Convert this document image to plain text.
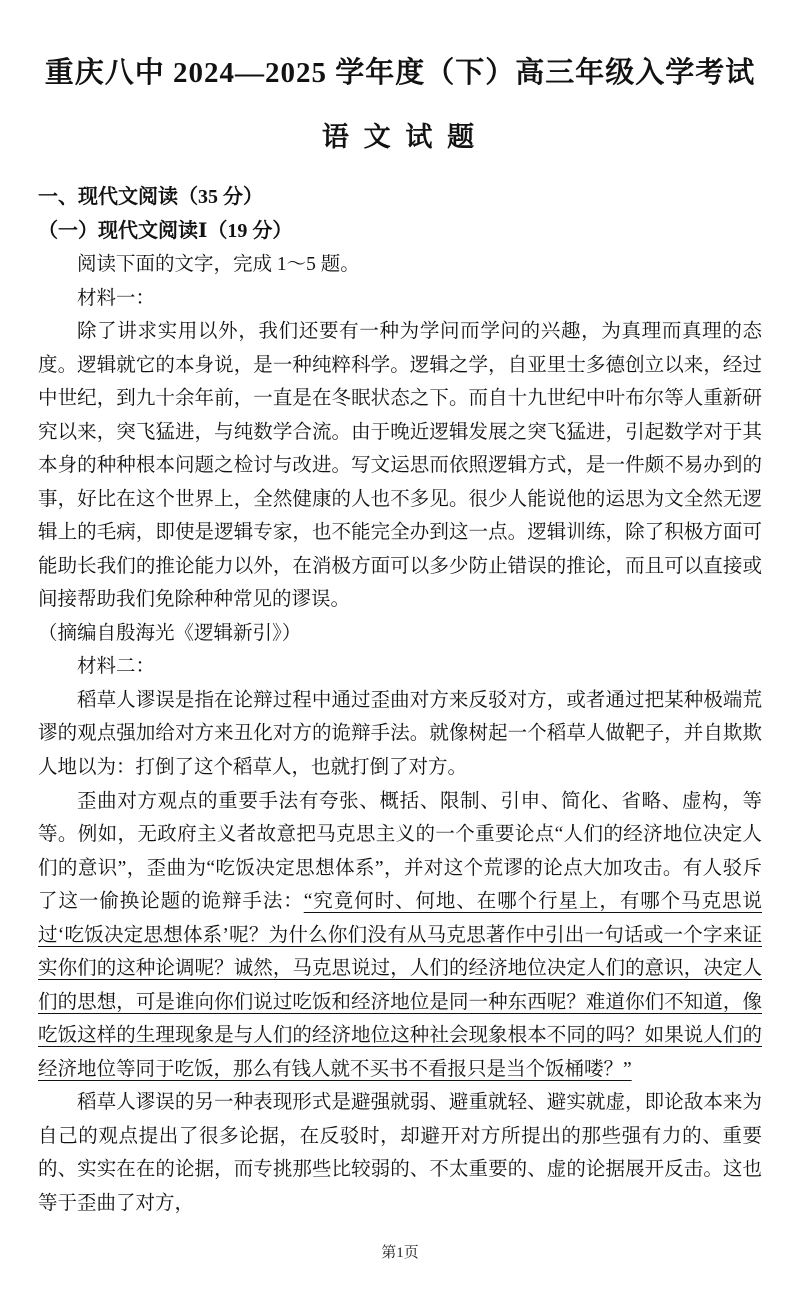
重庆八中 2024—2025 学年度（下）高三年级入学考试
语 文 试 题
一、现代文阅读（35 分）
（一）现代文阅读Ⅰ（19 分）

阅读下面的文字，完成 1～5 题。

材料一：

除了讲求实用以外，我们还要有一种为学问而学问的兴趣，为真理而真理的态度。逻辑就它的本身说，是一种纯粹科学。逻辑之学，自亚里士多德创立以来，经过中世纪，到九十余年前，一直是在冬眠状态之下。而自十九世纪中叶布尔等人重新研究以来，突飞猛进，与纯数学合流。由于晚近逻辑发展之突飞猛进，引起数学对于其本身的种种根本问题之检讨与改进。写文运思而依照逻辑方式，是一件颇不易办到的事，好比在这个世界上，全然健康的人也不多见。很少人能说他的运思为文全然无逻辑上的毛病，即使是逻辑专家，也不能完全办到这一点。逻辑训练，除了积极方面可能助长我们的推论能力以外，在消极方面可以多少防止错误的推论，而且可以直接或间接帮助我们免除种种常见的谬误。

（摘编自殷海光《逻辑新引》）

材料二：

稻草人谬误是指在论辩过程中通过歪曲对方来反驳对方，或者通过把某种极端荒谬的观点强加给对方来丑化对方的诡辩手法。就像树起一个稻草人做靶子，并自欺欺人地以为：打倒了这个稻草人，也就打倒了对方。

歪曲对方观点的重要手法有夸张、概括、限制、引申、简化、省略、虚构，等等。例如，无政府主义者故意把马克思主义的一个重要论点“人们的经济地位决定人们的意识”，歪曲为“吃饭决定思想体系”，并对这个荒谬的论点大加攻击。有人驳斥了这一偷换论题的诡辩手法：“究竟何时、何地、在哪个行星上，有哪个马克思说过‘吃饭决定思想体系’呢？为什么你们没有从马克思著作中引出一句话或一个字来证实你们的这种论调呢？诚然，马克思说过，人们的经济地位决定人们的意识，决定人们的思想，可是谁向你们说过吃饭和经济地位是同一种东西呢？难道你们不知道，像吃饭这样的生理现象是与人们的经济地位这种社会现象根本不同的吗？如果说人们的经济地位等同于吃饭，那么有钱人就不买书不看报只是当个饭桶喽？”

稻草人谬误的另一种表现形式是避强就弱、避重就轻、避实就虚，即论敌本来为自己的观点提出了很多论据，在反驳时，却避开对方所提出的那些强有力的、重要的、实实在在的论据，而专挑那些比较弱的、不太重要的、虚的论据展开反击。这也等于歪曲了对方，

第1页
